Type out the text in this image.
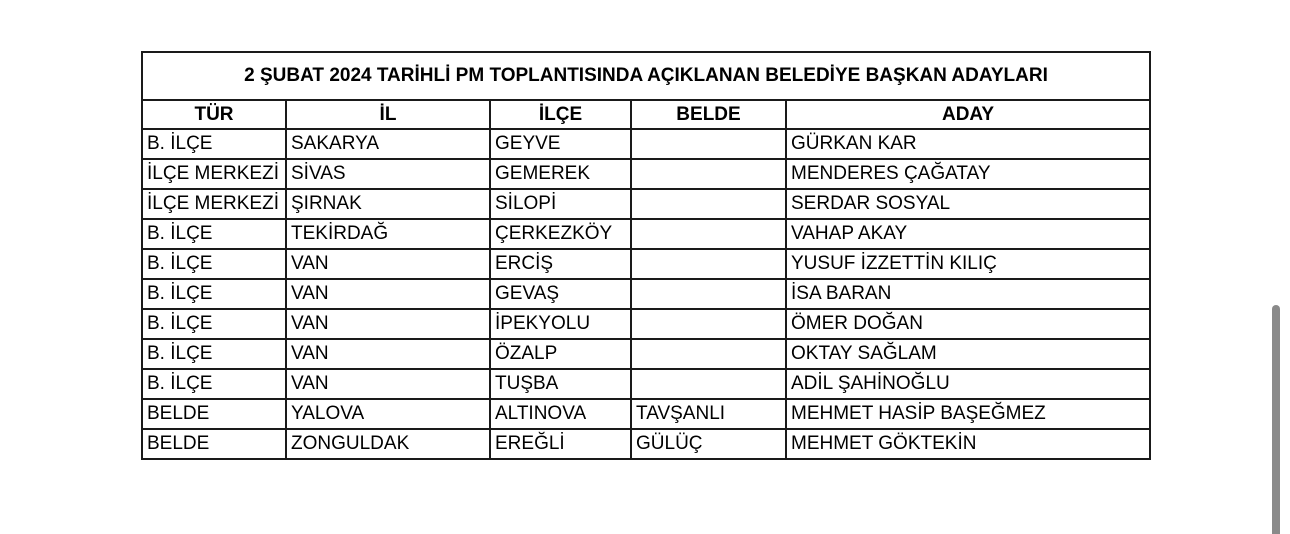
2 ŞUBAT 2024 TARİHLİ PM TOPLANTISINDA AÇIKLANAN BELEDİYE BAŞKAN ADAYLARI				
TÜR	İL	İLÇE	BELDE	ADAY
B. İLÇE	SAKARYA	GEYVE		GÜRKAN KAR
İLÇE MERKEZİ	SİVAS	GEMEREK		MENDERES ÇAĞATAY
İLÇE MERKEZİ	ŞIRNAK	SİLOPİ		SERDAR SOSYAL
B. İLÇE	TEKİRDAĞ	ÇERKEZKÖY		VAHAP AKAY
B. İLÇE	VAN	ERCİŞ		YUSUF İZZETTİN KILIÇ
B. İLÇE	VAN	GEVAŞ		İSA BARAN
B. İLÇE	VAN	İPEKYOLU		ÖMER DOĞAN
B. İLÇE	VAN	ÖZALP		OKTAY SAĞLAM
B. İLÇE	VAN	TUŞBA		ADİL ŞAHİNOĞLU
BELDE	YALOVA	ALTINOVA	TAVŞANLI	MEHMET HASİP BAŞEĞMEZ
BELDE	ZONGULDAK	EREĞLİ	GÜLÜÇ	MEHMET GÖKTEKİN
